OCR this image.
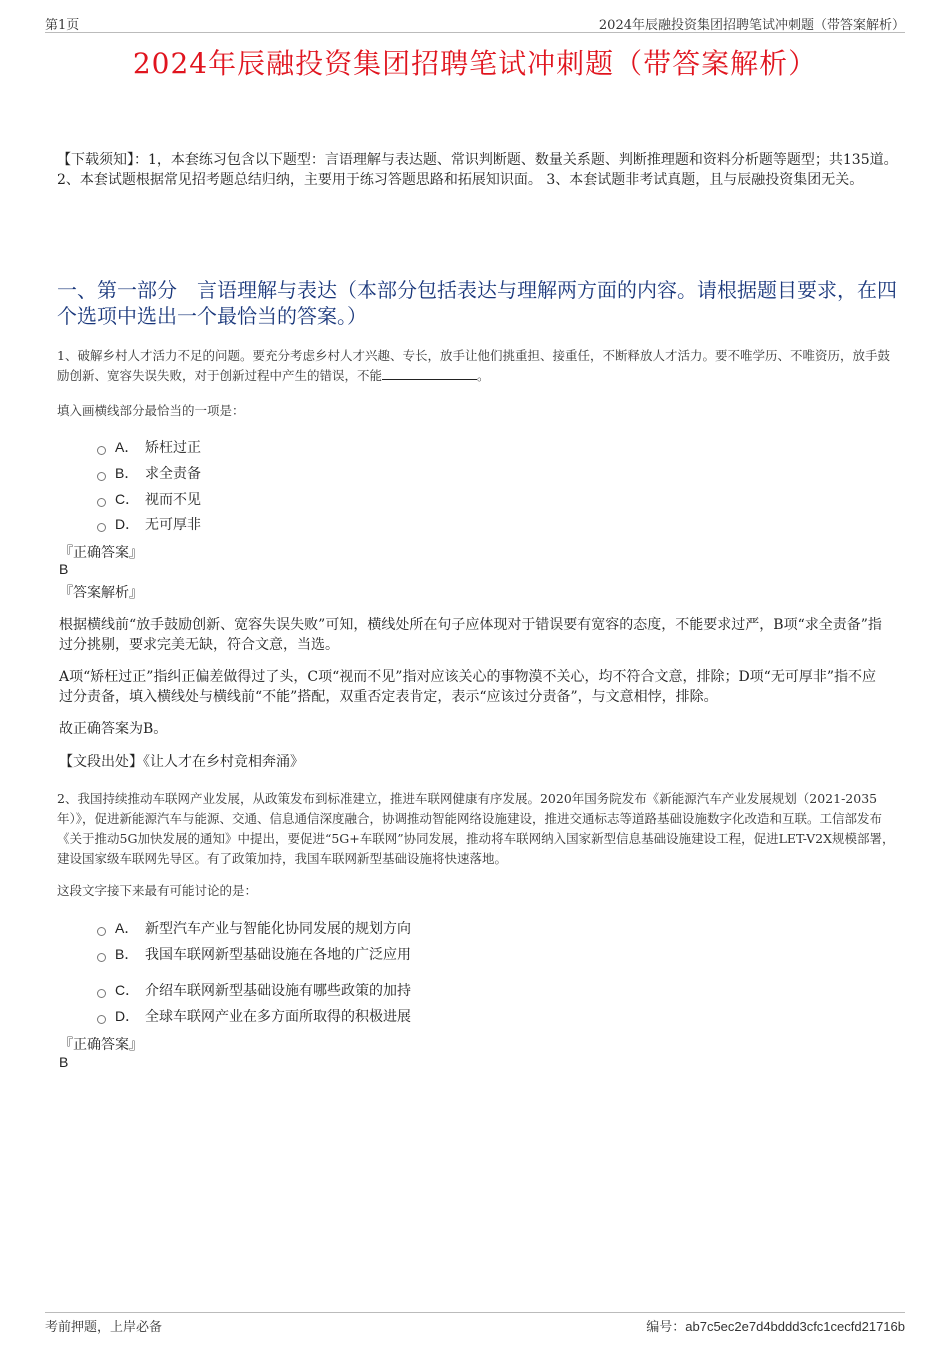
第1页	2024年辰融投资集团招聘笔试冲刺题（带答案解析）
2024年辰融投资集团招聘笔试冲刺题（带答案解析）
【下载须知】：1，本套练习包含以下题型：言语理解与表达题、常识判断题、数量关系题、判断推理题和资料分析题等题型；共135道。 2、本套试题根据常见招考题总结归纳，主要用于练习答题思路和拓展知识面。 3、本套试题非考试真题，且与辰融投资集团无关。
一、第一部分　言语理解与表达（本部分包括表达与理解两方面的内容。请根据题目要求，在四个选项中选出一个最恰当的答案。）
1、破解乡村人才活力不足的问题。要充分考虑乡村人才兴趣、专长，放手让他们挑重担、接重任，不断释放人才活力。要不唯学历、不唯资历，放手鼓励创新、宽容失误失败，对于创新过程中产生的错误，不能	。
填入画横线部分最恰当的一项是：
A． 矫枉过正
B． 求全责备
C． 视而不见
D． 无可厚非
『正确答案』
B
『答案解析』
根据横线前“放手鼓励创新、宽容失误失败”可知，横线处所在句子应体现对于错误要有宽容的态度，不能要求过严，B项“求全责备”指过分挑剔，要求完美无缺，符合文意，当选。
A项“矫枉过正”指纠正偏差做得过了头，C项“视而不见”指对应该关心的事物漠不关心，均不符合文意，排除；D项“无可厚非”指不应过分责备，填入横线处与横线前“不能”搭配，双重否定表肯定，表示“应该过分责备”，与文意相悖，排除。
故正确答案为B。
【文段出处】《让人才在乡村竞相奔涌》
2、我国持续推动车联网产业发展，从政策发布到标准建立，推进车联网健康有序发展。2020年国务院发布《新能源汽车产业发展规划（2021-2035年）》，促进新能源汽车与能源、交通、信息通信深度融合，协调推动智能网络设施建设，推进交通标志等道路基础设施数字化改造和互联。工信部发布《关于推动5G加快发展的通知》中提出，要促进“5G+车联网”协同发展，推动将车联网纳入国家新型信息基础设施建设工程，促进LET-V2X规模部署，建设国家级车联网先导区。有了政策加持，我国车联网新型基础设施将快速落地。
这段文字接下来最有可能讨论的是：
A． 新型汽车产业与智能化协同发展的规划方向
B． 我国车联网新型基础设施在各地的广泛应用
C． 介绍车联网新型基础设施有哪些政策的加持
D． 全球车联网产业在多方面所取得的积极进展
『正确答案』
B
考前押题，上岸必备	编号：ab7c5ec2e7d4bddd3cfc1cecfd21716b
